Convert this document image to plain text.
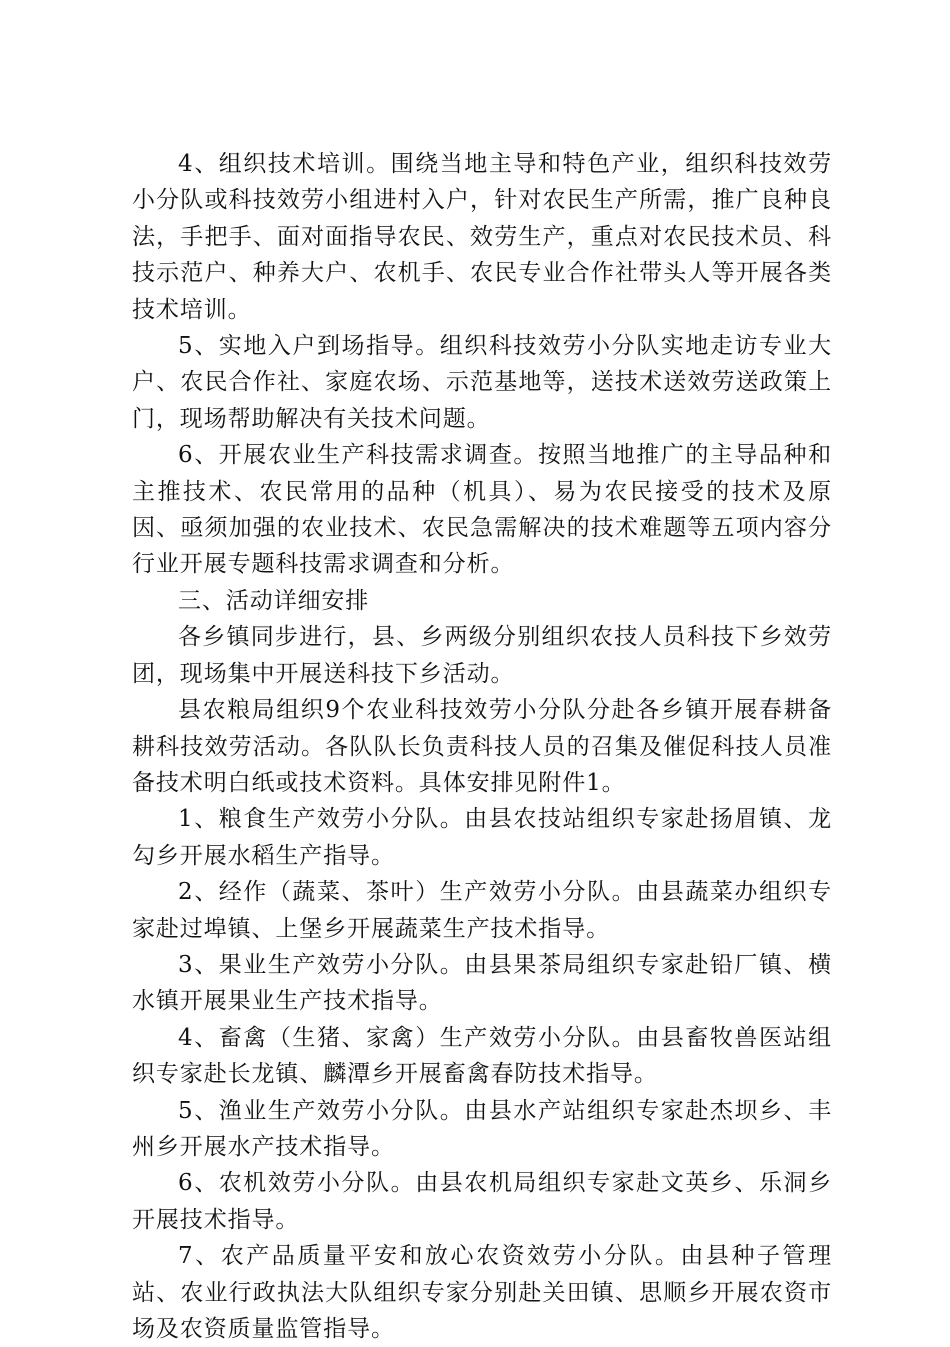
4、组织技术培训。围绕当地主导和特色产业，组织科技效劳小分队或科技效劳小组进村入户，针对农民生产所需，推广良种良法，手把手、面对面指导农民、效劳生产，重点对农民技术员、科技示范户、种养大户、农机手、农民专业合作社带头人等开展各类技术培训。

5、实地入户到场指导。组织科技效劳小分队实地走访专业大户、农民合作社、家庭农场、示范基地等，送技术送效劳送政策上门，现场帮助解决有关技术问题。

6、开展农业生产科技需求调查。按照当地推广的主导品种和主推技术、农民常用的品种（机具）、易为农民接受的技术及原因、亟须加强的农业技术、农民急需解决的技术难题等五项内容分行业开展专题科技需求调查和分析。

三、活动详细安排

各乡镇同步进行，县、乡两级分别组织农技人员科技下乡效劳团，现场集中开展送科技下乡活动。

县农粮局组织9个农业科技效劳小分队分赴各乡镇开展春耕备耕科技效劳活动。各队队长负责科技人员的召集及催促科技人员准备技术明白纸或技术资料。具体安排见附件1。

1、粮食生产效劳小分队。由县农技站组织专家赴扬眉镇、龙勾乡开展水稻生产指导。

2、经作（蔬菜、茶叶）生产效劳小分队。由县蔬菜办组织专家赴过埠镇、上堡乡开展蔬菜生产技术指导。

3、果业生产效劳小分队。由县果茶局组织专家赴铅厂镇、横水镇开展果业生产技术指导。

4、畜禽（生猪、家禽）生产效劳小分队。由县畜牧兽医站组织专家赴长龙镇、麟潭乡开展畜禽春防技术指导。

5、渔业生产效劳小分队。由县水产站组织专家赴杰坝乡、丰州乡开展水产技术指导。

6、农机效劳小分队。由县农机局组织专家赴文英乡、乐洞乡开展技术指导。

7、农产品质量平安和放心农资效劳小分队。由县种子管理站、农业行政执法大队组织专家分别赴关田镇、思顺乡开展农资市场及农资质量监管指导。
